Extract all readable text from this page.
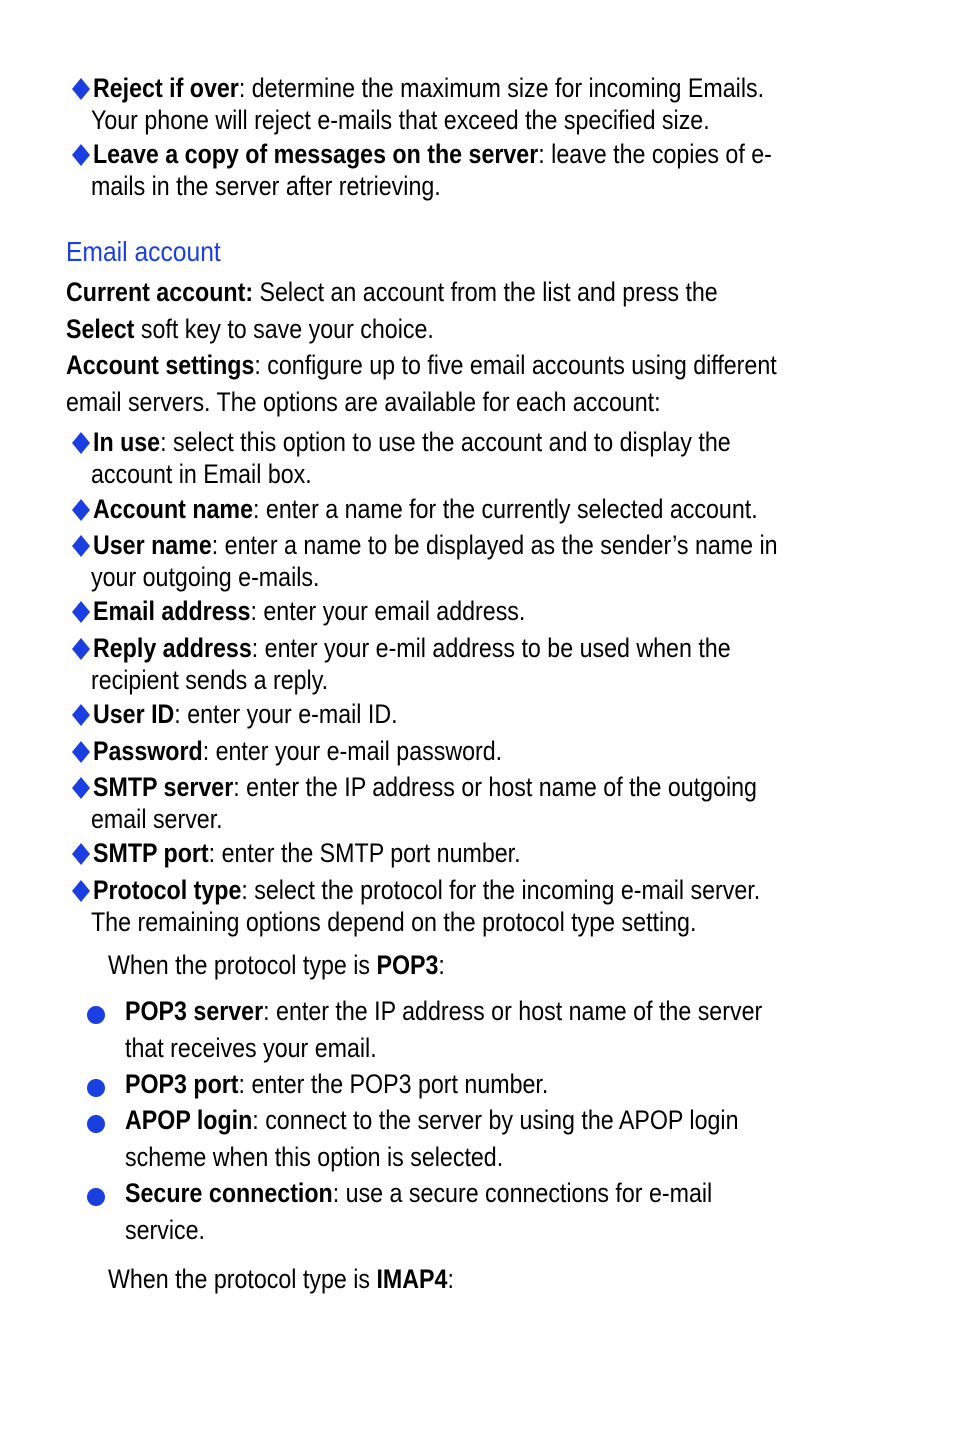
Reject if over: determine the maximum size for incoming Emails.
Your phone will reject e-mails that exceed the specified size.
Leave a copy of messages on the server: leave the copies of e-
mails in the server after retrieving.
Email account
Current account: Select an account from the list and press the
Select soft key to save your choice.
Account settings: configure up to five email accounts using different
email servers. The options are available for each account:
In use: select this option to use the account and to display the
account in Email box.
Account name: enter a name for the currently selected account.
User name: enter a name to be displayed as the sender’s name in
your outgoing e-mails.
Email address: enter your email address.
Reply address: enter your e-mil address to be used when the
recipient sends a reply.
User ID: enter your e-mail ID.
Password: enter your e-mail password.
SMTP server: enter the IP address or host name of the outgoing
email server.
SMTP port: enter the SMTP port number.
Protocol type: select the protocol for the incoming e-mail server.
The remaining options depend on the protocol type setting.
When the protocol type is POP3:
POP3 server: enter the IP address or host name of the server
that receives your email.
POP3 port: enter the POP3 port number.
APOP login: connect to the server by using the APOP login
scheme when this option is selected.
Secure connection: use a secure connections for e-mail
service.
When the protocol type is IMAP4:
